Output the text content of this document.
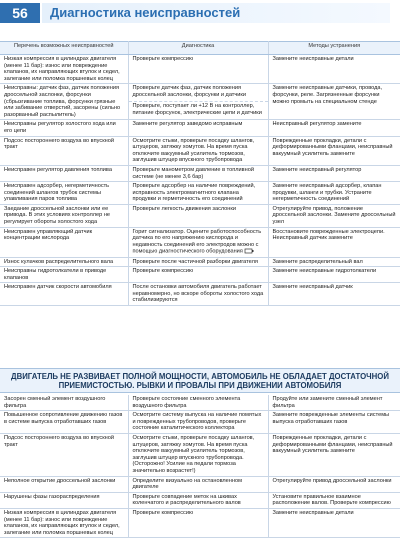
56	Диагностика неисправностей
Перечень возможных неисправностей	Диагностика	Методы устранения
Низкая компрессия в цилиндрах двигателя (менее 11 бар): износ или повреждение клапанов, их направляющих втулок и седел, залегание или поломка поршневых колец	Проверьте компрессию	Замените неисправные детали
Неисправны: датчик фаз, датчик положения дроссельной заслонки, форсунки (сбрызгивание топлива, форсунки грязные или забивание отверстий, засорены (сильно разорванный распылитель)	Проверьте датчик фаз, датчик положения дроссельной заслонки, форсунки и датчики	Замените неисправные датчики, провода, форсунки, реле. Загрязненные форсунки можно промыть на специальном стенде
	Проверьте, поступает ли +12 В на контроллер, питание форсунок, электрические цепи и датчики	
Неисправны регулятор холостого хода или его цепи	Замените регулятор заведомо исправным	Неисправный регулятор замените
Подсос постороннего воздуха во впускной тракт	Осмотрите стыки, проверьте посадку шлангов, штуцеров, затяжку хомутов. На время пуска отключите вакуумный усилитель тормозов, заглушив штуцер впускного трубопровода	Поврежденные прокладки, детали с деформированными фланцами, неисправный вакуумный усилитель замените
Неисправен регулятор давления топлива	Проверьте манометром давление в топливной системе (не менее 3,6 бар)	Замените неисправный регулятор
Неисправен адсорбер, негерметичность соединений шлангов трубок системы улавливания паров топлива	Проверьте адсорбер на наличие повреждений, исправность электромагнитного клапана продувки и герметичность его соединений	Замените неисправный адсорбер, клапан продувки, шланги и трубки. Устраните негерметичность соединений
Заедание дроссельной заслонки или ее привода. В этих условиях контроллер не регулирует обороты холостого хода	Проверьте легкость движения заслонки	Отрегулируйте привод, положение дроссельной заслонки. Замените дроссельный узел
Неисправен управляющий датчик концентрации кислорода	Горит сигнализатор. Оцените работоспособность датчика по его напряжению кислорода и недавность соединений его электродов можно с помощью диагностического оборудования	Восстановите поврежденные электроцепи. Неисправный датчик замените
Износ кулачков распределительного вала	Проверьте после частичной разборки двигателя	Замените распределительный вал
Неисправны гидротолкатели в приводе клапанов	Проверьте компрессию	Замените неисправные гидротолкатели
Неисправен датчик скорости автомобиля	После остановки автомобиля двигатель работает неравномерно, но вскоре обороты холостого хода стабилизируются	Замените неисправный датчик
ДВИГАТЕЛЬ НЕ РАЗВИВАЕТ ПОЛНОЙ МОЩНОСТИ, АВТОМОБИЛЬ НЕ ОБЛАДАЕТ ДОСТАТОЧНОЙ ПРИЕМИСТОСТЬЮ. РЫВКИ И ПРОВАЛЫ ПРИ ДВИЖЕНИИ АВТОМОБИЛЯ
Засорен сменный элемент воздушного фильтра	Проверьте состояние сменного элемента воздушного фильтра	Продуйте или замените сменный элемент фильтра
Повышенное сопротивление движению газов в системе выпуска отработавших газов	Осмотрите систему выпуска на наличие помятых и поврежденных трубопроводов, проверьте состояние каталитического коллектора	Замените поврежденные элементы системы выпуска отработавших газов
Подсос постороннего воздуха во впускной тракт	Осмотрите стыки, проверьте посадку шлангов, штуцеров, затяжку хомутов. На время пуска отключите вакуумный усилитель тормозов, заглушив штуцер впускного трубопровода. (Осторожно! Усилие на педали тормоза значительно возрастет!)	Поврежденные прокладки, детали с деформированными фланцами, неисправный вакуумный усилитель замените
Неполное открытие дроссельной заслонки	Определите визуально на остановленном двигателе	Отрегулируйте привод дроссельной заслонки
Нарушены фазы газораспределения	Проверьте совпадение меток на шкивах коленчатого и распределительного валов	Установите правильное взаимное расположение валов. Проверьте компрессию
Низкая компрессия в цилиндрах двигателя (менее 11 бар): износ или повреждение клапанов, их направляющих втулок и седел, залегание или поломка поршневых колец	Проверьте компрессию	Замените неисправные детали
